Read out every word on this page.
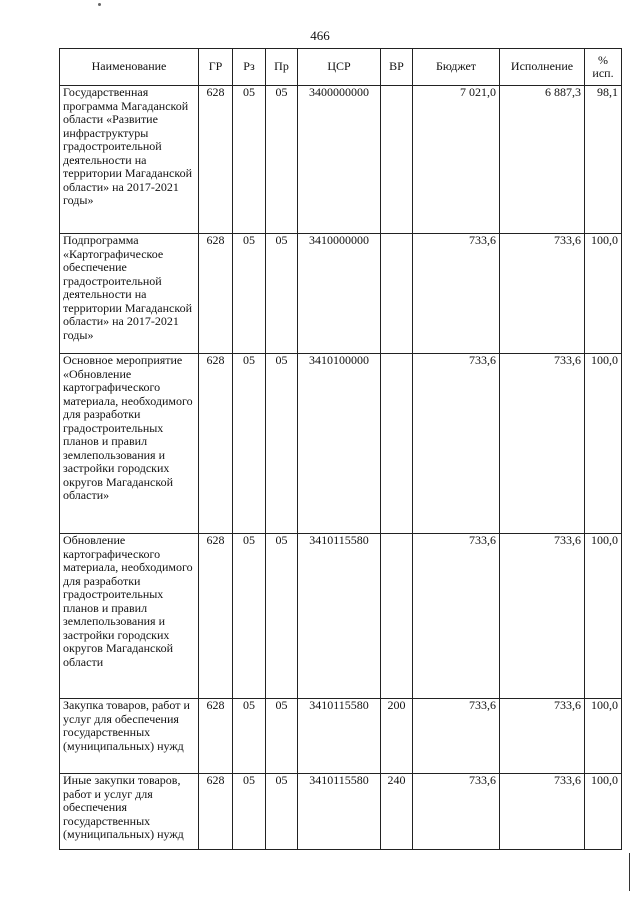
466
Наименование	ГР	Рз	Пр	ЦСР	ВР	Бюджет	Исполнение	%
исп.

Государственная программа Магаданской области «Развитие инфраструктуры градостроительной деятельности на территории Магаданской области» на 2017-2021 годы»	628	05	05	3400000000		7 021,0	6 887,3	98,1
Подпрограмма «Картографическое обеспечение градостроительной деятельности на территории Магаданской области» на 2017-2021 годы»	628	05	05	3410000000		733,6	733,6	100,0
Основное мероприятие «Обновление картографического материала, необходимого для разработки градостроительных планов и правил землепользования и застройки городских округов Магаданской области»	628	05	05	3410100000		733,6	733,6	100,0
Обновление картографического материала, необходимого для разработки градостроительных планов и правил землепользования и застройки городских округов Магаданской области	628	05	05	3410115580		733,6	733,6	100,0
Закупка товаров, работ и услуг для обеспечения государственных (муниципальных) нужд	628	05	05	3410115580	200	733,6	733,6	100,0
Иные закупки товаров, работ и услуг для обеспечения государственных (муниципальных) нужд	628	05	05	3410115580	240	733,6	733,6	100,0
